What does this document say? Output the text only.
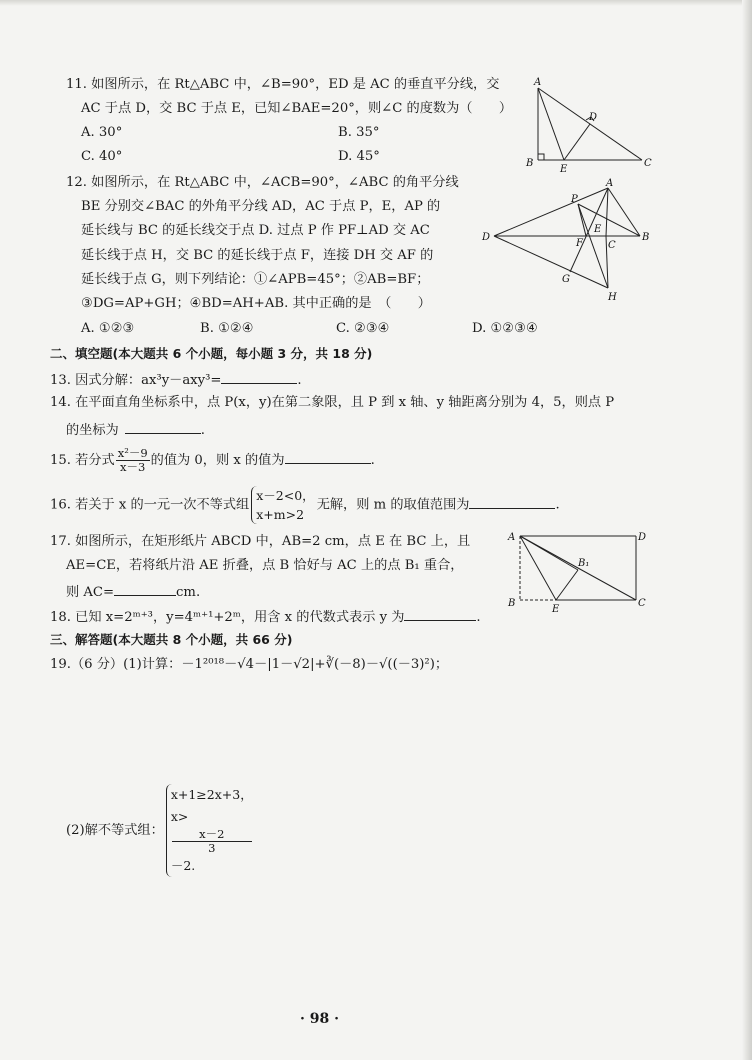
11. 如图所示，在 Rt△ABC 中，∠B=90°，ED 是 AC 的垂直平分线，交
AC 于点 D，交 BC 于点 E，已知∠BAE=20°，则∠C 的度数为（　　）
A. 30°	B. 35°
C. 40°	D. 45°
A
B	C
D
E
12. 如图所示，在 Rt△ABC 中，∠ACB=90°，∠ABC 的角平分线
BE 分别交∠BAC 的外角平分线 AD，AC 于点 P，E，AP 的
延长线与 BC 的延长线交于点 D. 过点 P 作 PF⊥AD 交 AC
延长线于点 H，交 BC 的延长线于点 F，连接 DH 交 AF 的
延长线于点 G，则下列结论：①∠APB=45°；②AB=BF；
③DG=AP+GH；④BD=AH+AB. 其中正确的是　（　　）
A. ①②③	B. ①②④	C. ②③④	D. ①②③④
A
B
C
D
E
F
G
H
P
二、填空题(本大题共 6 个小题，每小题 3 分，共 18 分)
13. 因式分解：ax³y－axy³=	.
14. 在平面直角坐标系中，点 P(x，y)在第二象限，且 P 到 x 轴、y 轴距离分别为 4，5，则点 P
的坐标为	.
15. 若分式 $\frac{\text{x²－9}}{x-3}$ 的值为 0，则 x 的值为	.
16. 若关于 x 的一元一次不等式组
x－2<0，
x+m>2
无解，则 m 的取值范围为	.
17. 如图所示，在矩形纸片 ABCD 中，AB=2 cm，点 E 在 BC 上，且
AE=CE，若将纸片沿 AE 折叠，点 B 恰好与 AC 上的点 B₁ 重合，
则 AC=	cm.
A	D
B	C
E
B₁
18. 已知 x=2ᵐ⁺³，y=4ᵐ⁺¹+2ᵐ，用含 x 的代数式表示 y 为	.
三、解答题(本大题共 8 个小题，共 66 分)
19.（6 分）(1)计算：－1²⁰¹⁸－√4－|1－√2|+∛(－8)－√((－3)²)；
(2)解不等式组：
x+1≥2x+3，
x>
x－2
3
－2.
· 98 ·
